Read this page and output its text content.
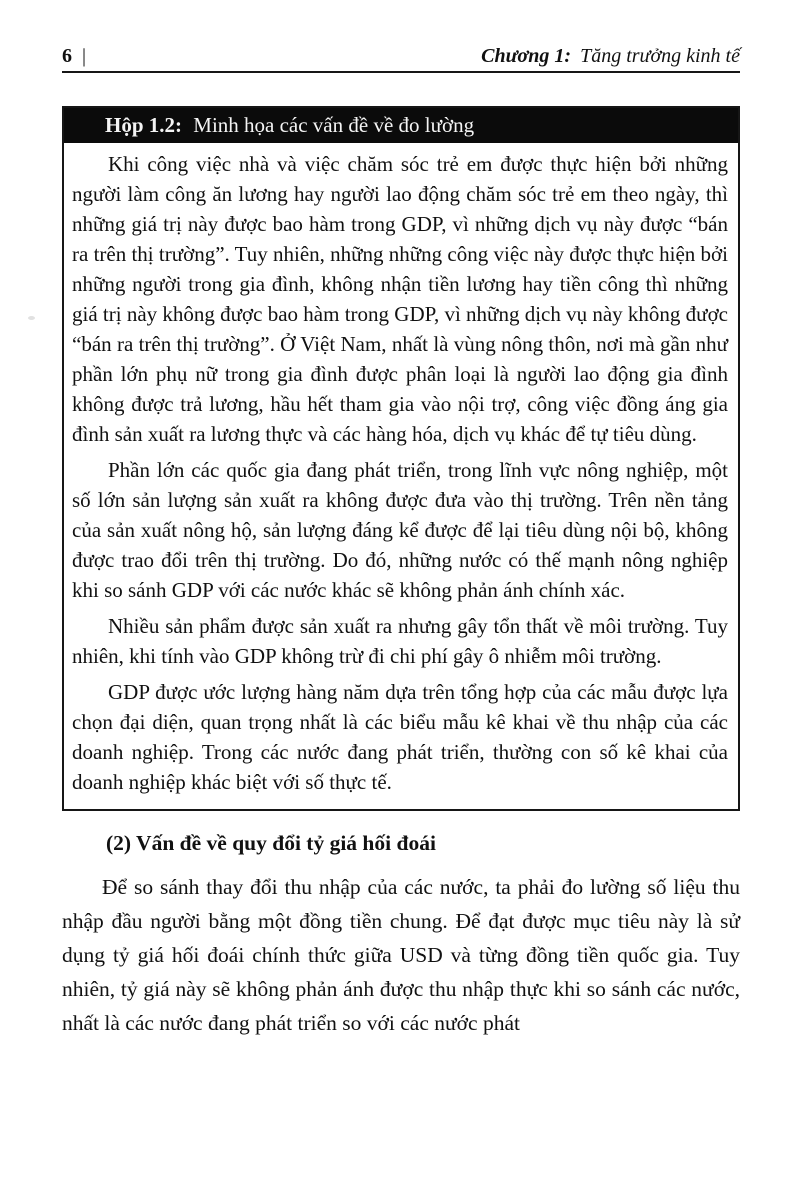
6 |	Chương 1: Tăng trưởng kinh tế
Hộp 1.2: Minh họa các vấn đề về đo lường

Khi công việc nhà và việc chăm sóc trẻ em được thực hiện bởi những người làm công ăn lương hay người lao động chăm sóc trẻ em theo ngày, thì những giá trị này được bao hàm trong GDP, vì những dịch vụ này được “bán ra trên thị trường”. Tuy nhiên, những những công việc này được thực hiện bởi những người trong gia đình, không nhận tiền lương hay tiền công thì những giá trị này không được bao hàm trong GDP, vì những dịch vụ này không được “bán ra trên thị trường”. Ở Việt Nam, nhất là vùng nông thôn, nơi mà gần như phần lớn phụ nữ trong gia đình được phân loại là người lao động gia đình không được trả lương, hầu hết tham gia vào nội trợ, công việc đồng áng gia đình sản xuất ra lương thực và các hàng hóa, dịch vụ khác để tự tiêu dùng.

Phần lớn các quốc gia đang phát triển, trong lĩnh vực nông nghiệp, một số lớn sản lượng sản xuất ra không được đưa vào thị trường. Trên nền tảng của sản xuất nông hộ, sản lượng đáng kể được để lại tiêu dùng nội bộ, không được trao đổi trên thị trường. Do đó, những nước có thế mạnh nông nghiệp khi so sánh GDP với các nước khác sẽ không phản ánh chính xác.

Nhiều sản phẩm được sản xuất ra nhưng gây tổn thất về môi trường. Tuy nhiên, khi tính vào GDP không trừ đi chi phí gây ô nhiễm môi trường.

GDP được ước lượng hàng năm dựa trên tổng hợp của các mẫu được lựa chọn đại diện, quan trọng nhất là các biểu mẫu kê khai về thu nhập của các doanh nghiệp. Trong các nước đang phát triển, thường con số kê khai của doanh nghiệp khác biệt với số thực tế.

(2) Vấn đề về quy đổi tỷ giá hối đoái

Để so sánh thay đổi thu nhập của các nước, ta phải đo lường số liệu thu nhập đầu người bằng một đồng tiền chung. Để đạt được mục tiêu này là sử dụng tỷ giá hối đoái chính thức giữa USD và từng đồng tiền quốc gia. Tuy nhiên, tỷ giá này sẽ không phản ánh được thu nhập thực khi so sánh các nước, nhất là các nước đang phát triển so với các nước phát
